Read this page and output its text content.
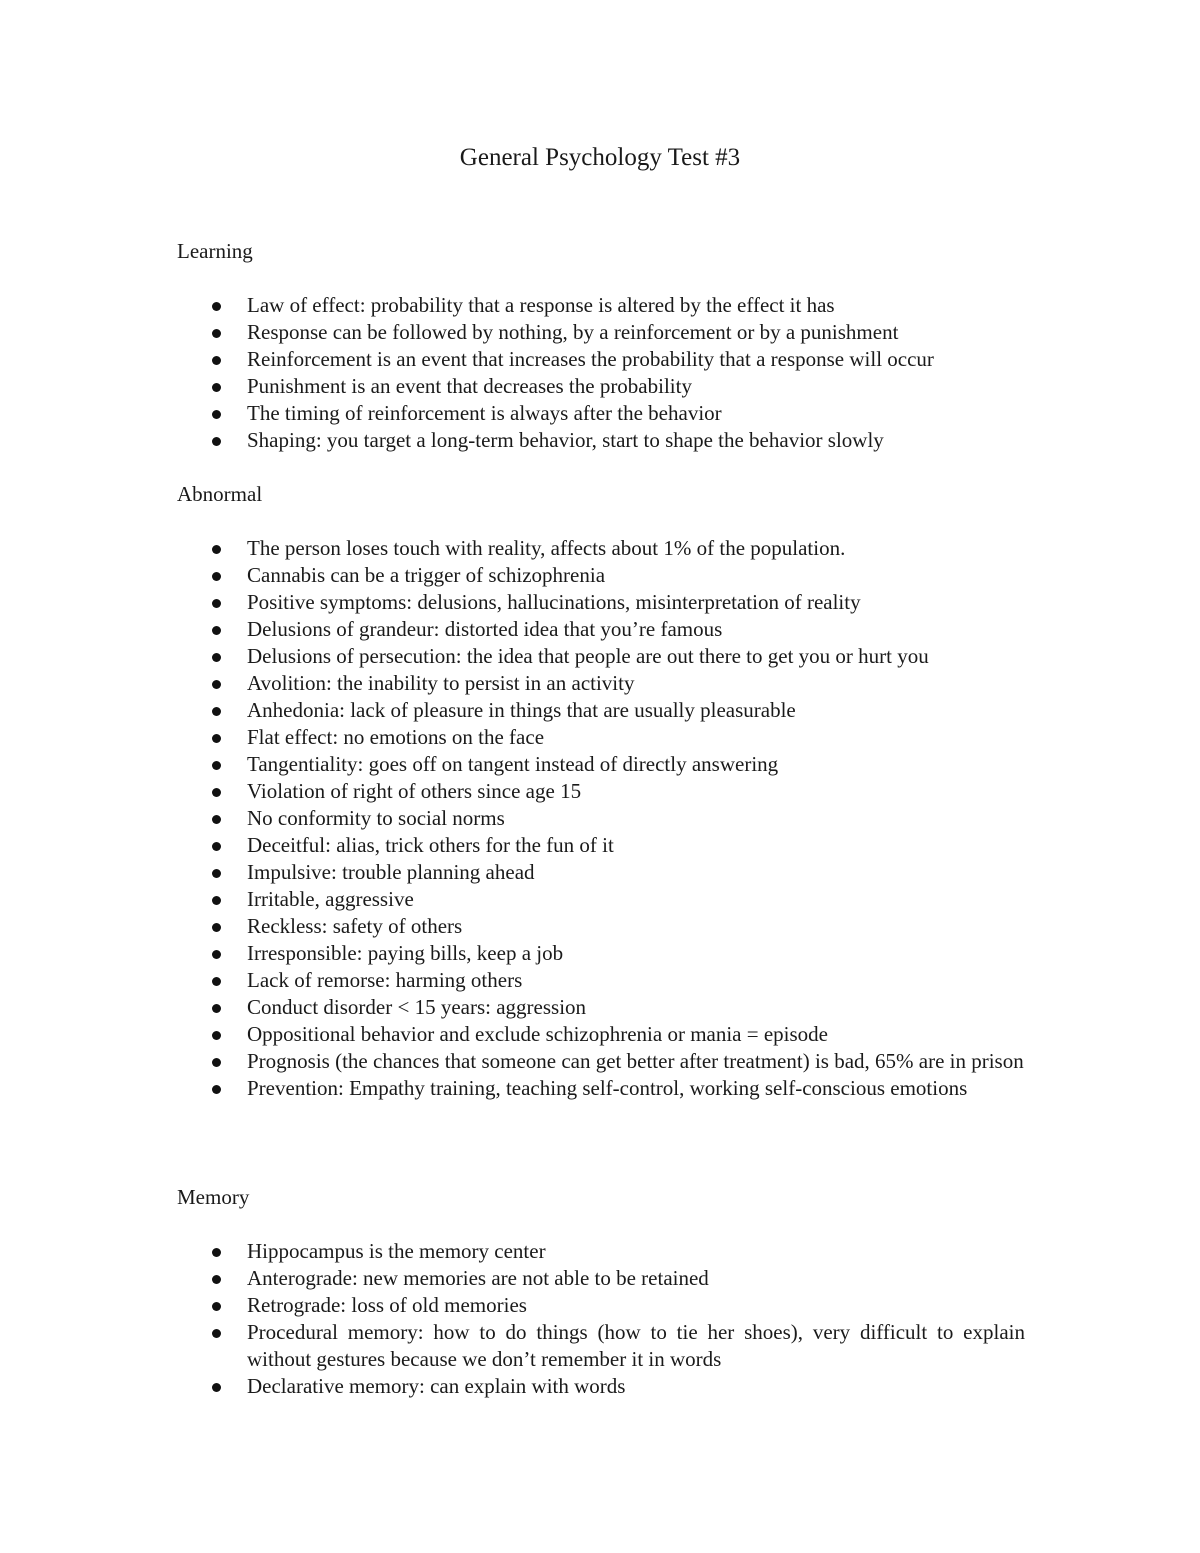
General Psychology Test #3

Learning

Law of effect: probability that a response is altered by the effect it has
Response can be followed by nothing, by a reinforcement or by a punishment
Reinforcement is an event that increases the probability that a response will occur
Punishment is an event that decreases the probability
The timing of reinforcement is always after the behavior
Shaping: you target a long-term behavior, start to shape the behavior slowly

Abnormal

The person loses touch with reality, affects about 1% of the population.
Cannabis can be a trigger of schizophrenia
Positive symptoms: delusions, hallucinations, misinterpretation of reality
Delusions of grandeur: distorted idea that you’re famous
Delusions of persecution: the idea that people are out there to get you or hurt you
Avolition: the inability to persist in an activity
Anhedonia: lack of pleasure in things that are usually pleasurable
Flat effect: no emotions on the face
Tangentiality: goes off on tangent instead of directly answering
Violation of right of others since age 15
No conformity to social norms
Deceitful: alias, trick others for the fun of it
Impulsive: trouble planning ahead
Irritable, aggressive
Reckless: safety of others
Irresponsible: paying bills, keep a job
Lack of remorse: harming others
Conduct disorder < 15 years: aggression
Oppositional behavior and exclude schizophrenia or mania = episode
Prognosis (the chances that someone can get better after treatment) is bad, 65% are in prison
Prevention: Empathy training, teaching self-control, working self-conscious emotions

Memory

Hippocampus is the memory center
Anterograde: new memories are not able to be retained
Retrograde: loss of old memories
Procedural memory: how to do things (how to tie her shoes), very difficult to explain without gestures because we don’t remember it in words
Declarative memory: can explain with words
